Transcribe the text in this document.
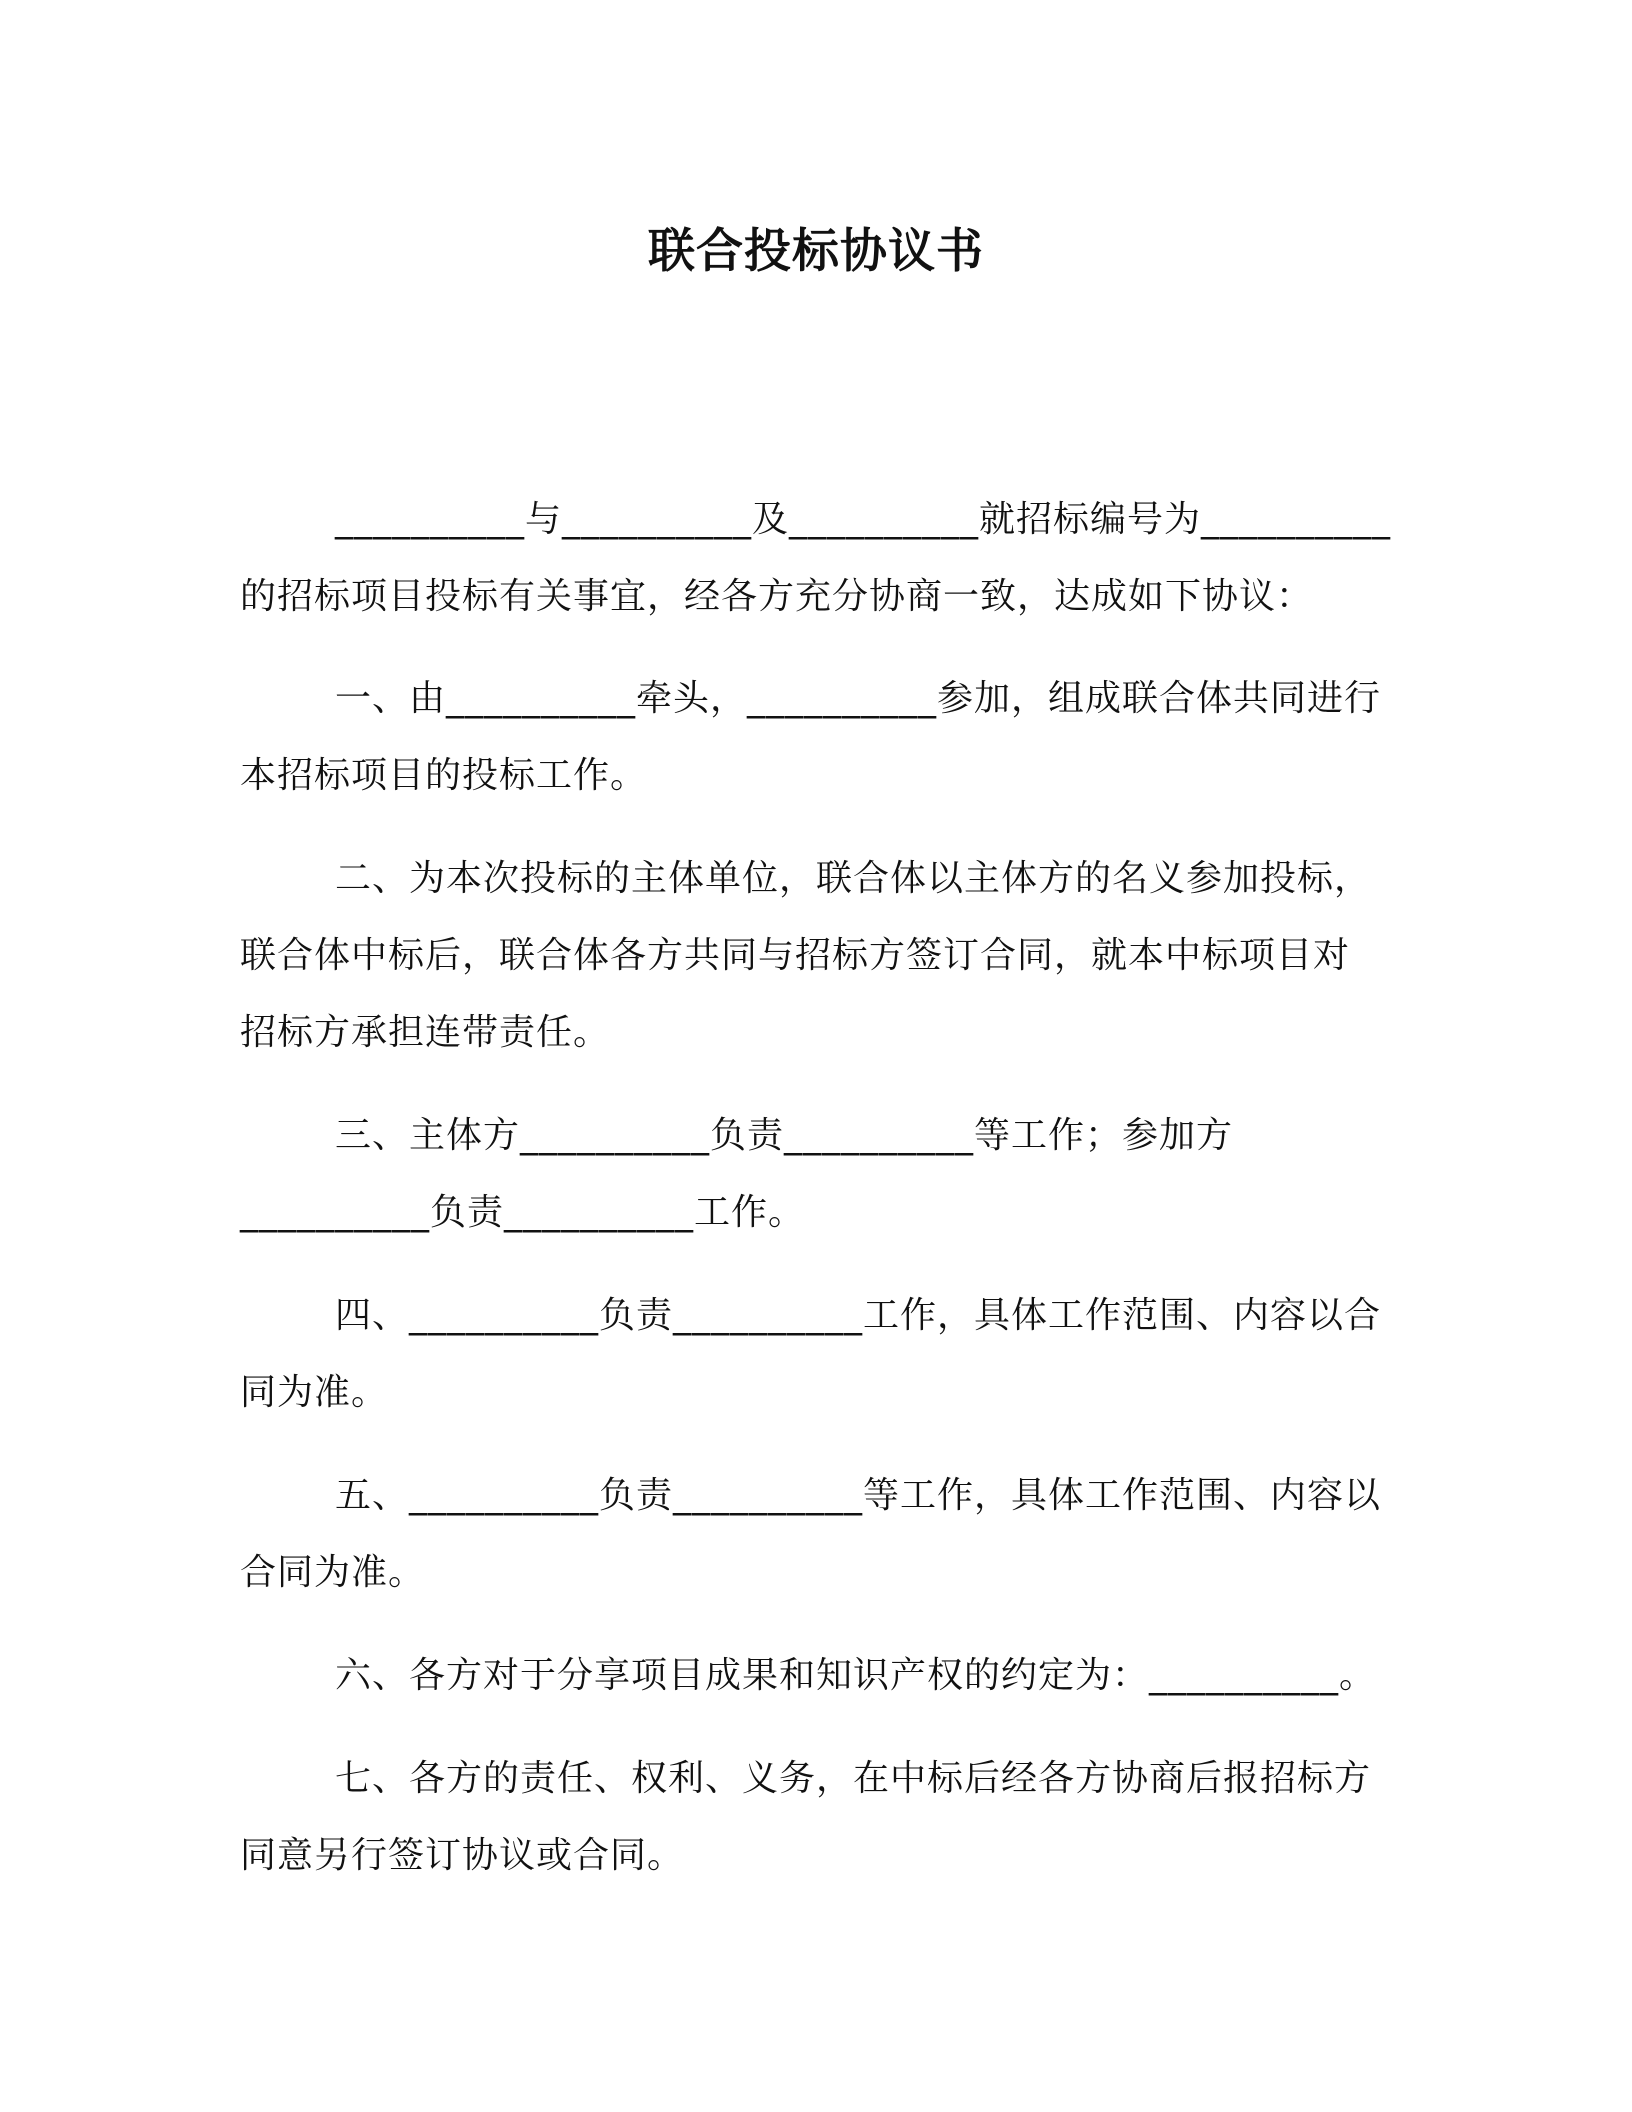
联合投标协议书
__________与__________及__________就招标编号为__________
的招标项目投标有关事宜，经各方充分协商一致，达成如下协议：
一、由__________牵头，__________参加，组成联合体共同进行
本招标项目的投标工作。
二、为本次投标的主体单位，联合体以主体方的名义参加投标，
联合体中标后，联合体各方共同与招标方签订合同，就本中标项目对
招标方承担连带责任。
三、主体方__________负责__________等工作；参加方
__________负责__________工作。
四、__________负责__________工作，具体工作范围、内容以合
同为准。
五、__________负责__________等工作，具体工作范围、内容以
合同为准。
六、各方对于分享项目成果和知识产权的约定为：__________。
七、各方的责任、权利、义务，在中标后经各方协商后报招标方
同意另行签订协议或合同。
